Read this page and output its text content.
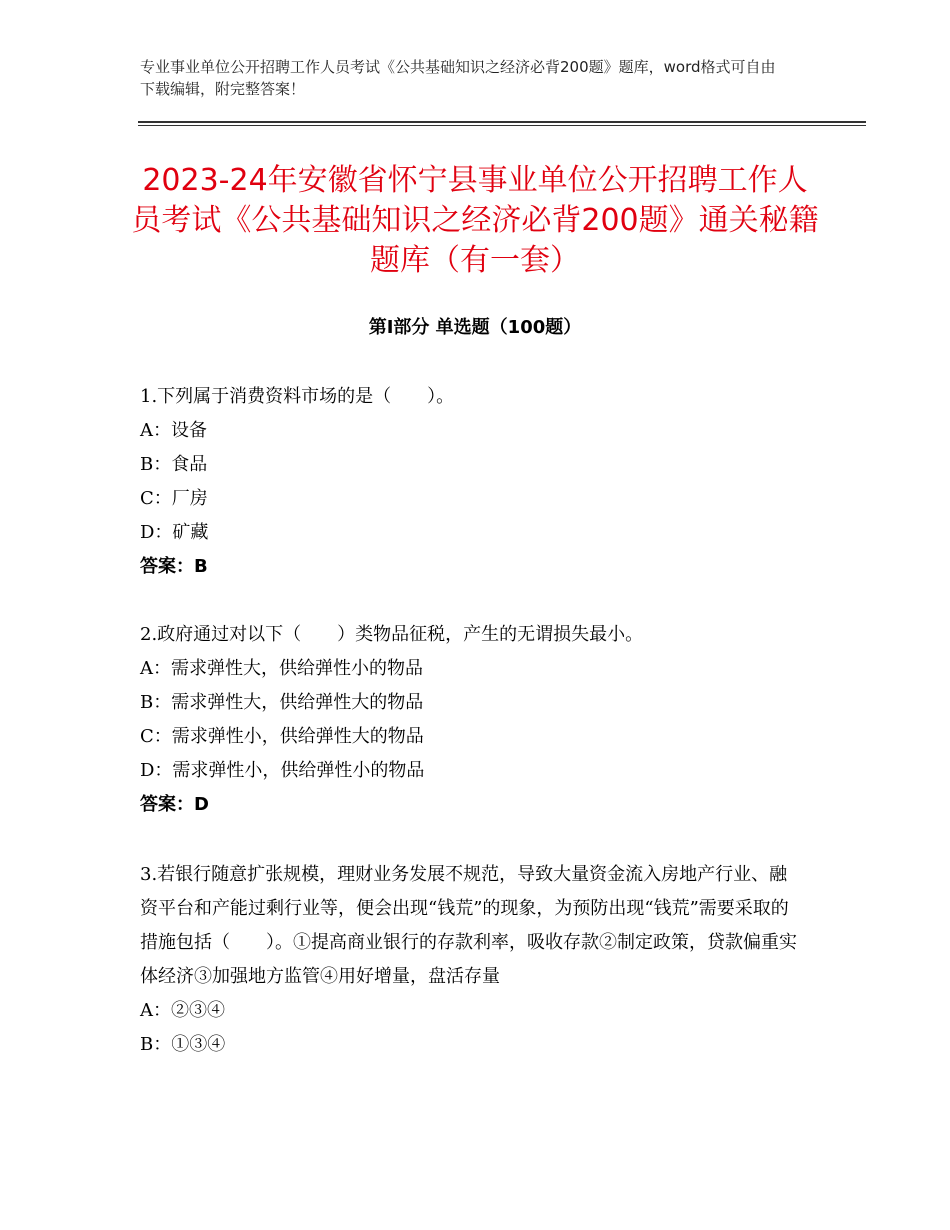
专业事业单位公开招聘工作人员考试《公共基础知识之经济必背200题》题库，word格式可自由下载编辑，附完整答案！
2023-24年安徽省怀宁县事业单位公开招聘工作人员考试《公共基础知识之经济必背200题》通关秘籍题库（有一套）
第Ⅰ部分 单选题（100题）

1.下列属于消费资料市场的是（　　）。

A：设备

B：食品

C：厂房

D：矿藏

答案：B

2.政府通过对以下（　　）类物品征税，产生的无谓损失最小。

A：需求弹性大，供给弹性小的物品

B：需求弹性大，供给弹性大的物品

C：需求弹性小，供给弹性大的物品

D：需求弹性小，供给弹性小的物品

答案：D

3.若银行随意扩张规模，理财业务发展不规范，导致大量资金流入房地产行业、融资平台和产能过剩行业等，便会出现“钱荒”的现象，为预防出现“钱荒”需要采取的措施包括（　　）。①提高商业银行的存款利率，吸收存款②制定政策，贷款偏重实体经济③加强地方监管④用好增量，盘活存量

A：②③④

B：①③④
